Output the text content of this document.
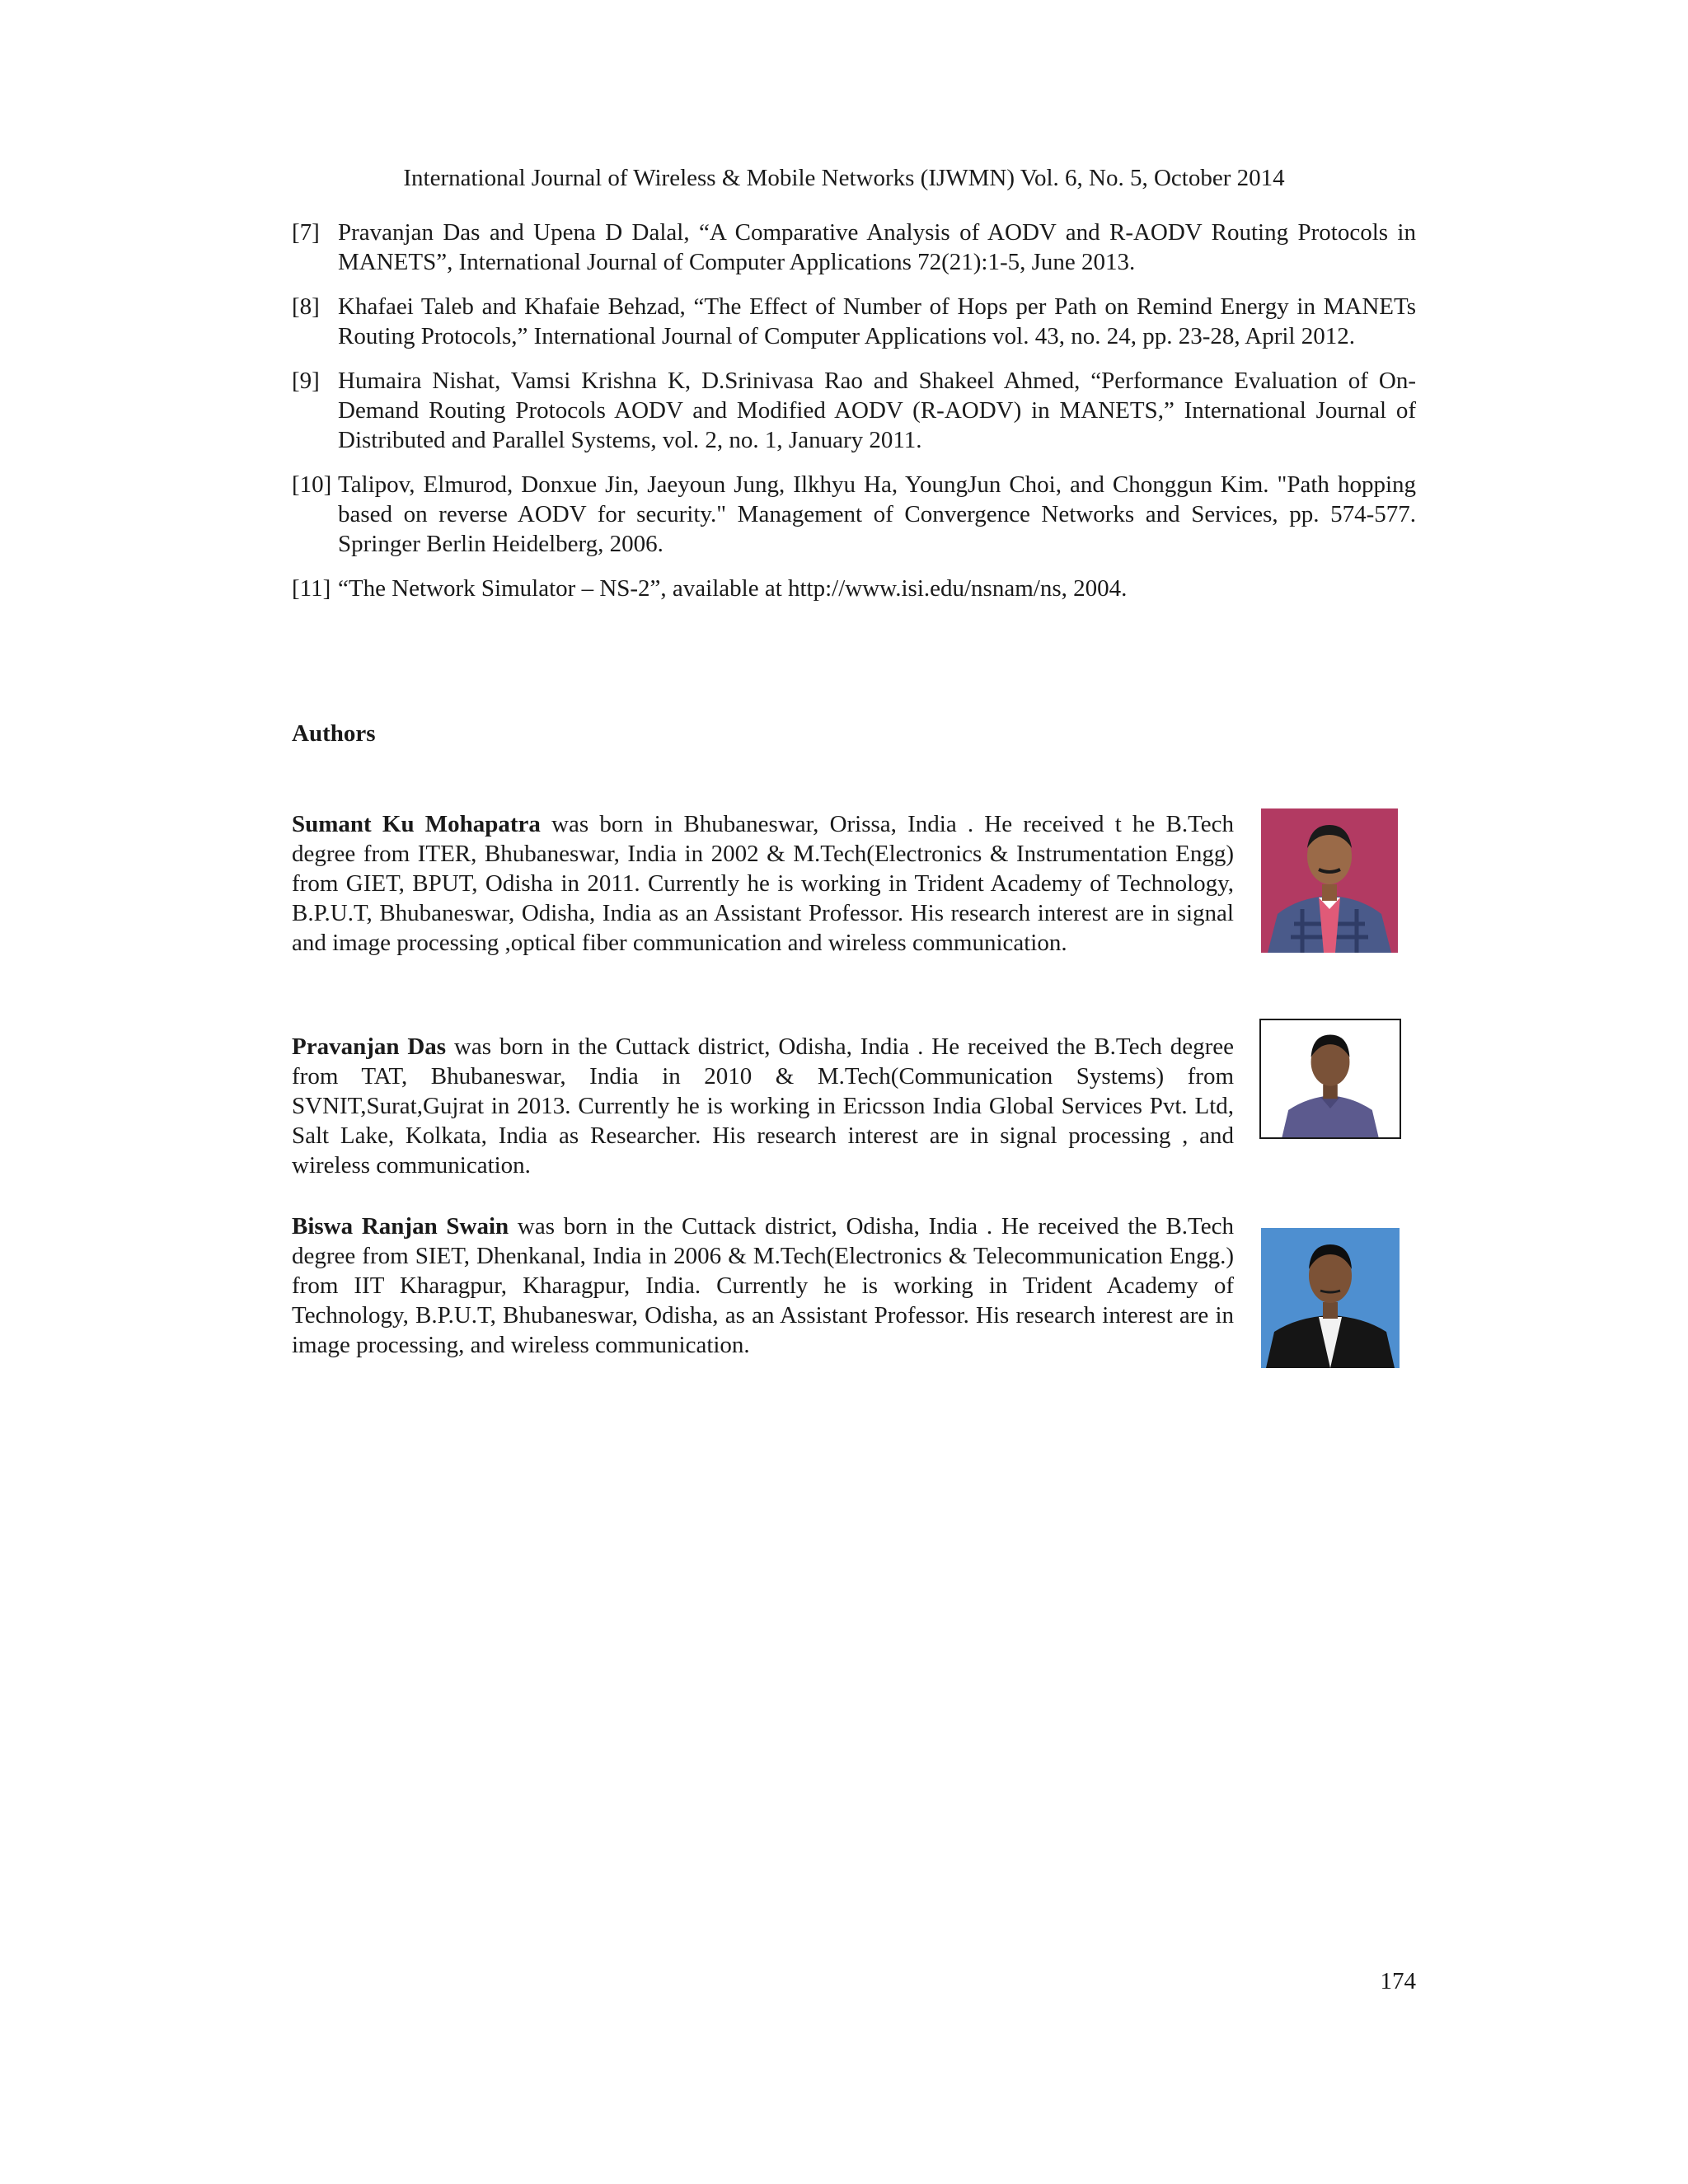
International Journal of Wireless & Mobile Networks (IJWMN) Vol. 6, No. 5, October 2014
[7] Pravanjan Das and Upena D Dalal, “A Comparative Analysis of AODV and R-AODV Routing Protocols in MANETS”, International Journal of Computer Applications 72(21):1-5, June 2013.
[8] Khafaei Taleb and Khafaie Behzad, “The Effect of Number of Hops per Path on Remind Energy in MANETs Routing Protocols,” International Journal of Computer Applications vol. 43, no. 24, pp. 23-28, April 2012.
[9] Humaira Nishat, Vamsi Krishna K, D.Srinivasa Rao and Shakeel Ahmed, “Performance Evaluation of On-Demand Routing Protocols AODV and Modified AODV (R-AODV) in MANETS,” International Journal of Distributed and Parallel Systems, vol. 2, no. 1, January 2011.
[10] Talipov, Elmurod, Donxue Jin, Jaeyoun Jung, Ilkhyu Ha, YoungJun Choi, and Chonggun Kim. "Path hopping based on reverse AODV for security." Management of Convergence Networks and Services, pp. 574-577. Springer Berlin Heidelberg, 2006.
[11] “The Network Simulator – NS-2”, available at http://www.isi.edu/nsnam/ns, 2004.
Authors
Sumant Ku Mohapatra was born in Bhubaneswar, Orissa, India . He received t he B.Tech degree from ITER, Bhubaneswar, India in 2002 & M.Tech(Electronics & Instrumentation Engg) from GIET, BPUT, Odisha in 2011. Currently he is working in Trident Academy of Technology, B.P.U.T, Bhubaneswar, Odisha, India as an Assistant Professor. His research interest are in signal and image processing ,optical fiber communication and wireless communication.
Pravanjan Das was born in the Cuttack district, Odisha, India . He received the B.Tech degree from TAT, Bhubaneswar, India in 2010 & M.Tech(Communication Systems) from SVNIT,Surat,Gujrat in 2013. Currently he is working in Ericsson India Global Services Pvt. Ltd, Salt Lake, Kolkata, India as Researcher. His research interest are in signal processing , and wireless communication.
Biswa Ranjan Swain was born in the Cuttack district, Odisha, India . He received the B.Tech degree from SIET, Dhenkanal, India in 2006 & M.Tech(Electronics & Telecommunication Engg.) from IIT Kharagpur, Kharagpur, India. Currently he is working in Trident Academy of Technology, B.P.U.T, Bhubaneswar, Odisha, as an Assistant Professor. His research interest are in image processing, and wireless communication.
174
